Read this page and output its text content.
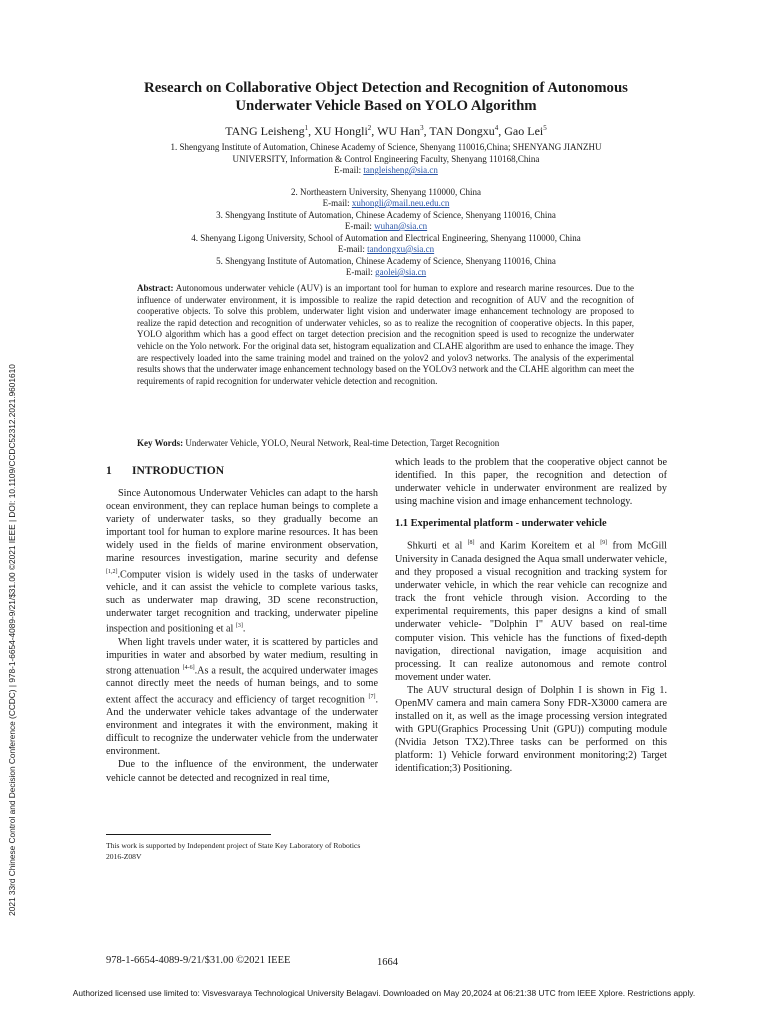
2021 33rd Chinese Control and Decision Conference (CCDC) | 978-1-6654-4089-9/21/$31.00 ©2021 IEEE | DOI: 10.1109/CCDC52312.2021.9601610
Research on Collaborative Object Detection and Recognition of Autonomous
Underwater Vehicle Based on YOLO Algorithm
TANG Leisheng$^1$, XU Hongli$^2$, WU Han$^3$, TAN Dongxu$^4$, Gao Lei$^5$
1. Shengyang Institute of Automation, Chinese Academy of Science, Shenyang 110016,China; SHENYANG JIANZHU
UNIVERSITY, Information & Control Engineering Faculty, Shenyang 110168,China
E-mail: tangleisheng@sia.cn
2. Northeastern University, Shenyang 110000, China
E-mail: xuhongli@mail.neu.edu.cn
3. Shengyang Institute of Automation, Chinese Academy of Science, Shenyang 110016, China
E-mail: wuhan@sia.cn
4. Shenyang Ligong University, School of Automation and Electrical Engineering, Shenyang 110000, China
E-mail: tandongxu@sia.cn
5. Shengyang Institute of Automation, Chinese Academy of Science, Shenyang 110016, China
E-mail: gaolei@sia.cn
Abstract: Autonomous underwater vehicle (AUV) is an important tool for human to explore and research marine resources. Due to the influence of underwater environment, it is impossible to realize the rapid detection and recognition of AUV and the recognition of cooperative objects. To solve this problem, underwater light vision and underwater image enhancement technology are proposed to realize the rapid detection and recognition of underwater vehicles, so as to realize the recognition of cooperative objects. In this paper, YOLO algorithm which has a good effect on target detection precision and the recognition speed is used to recognize the underwater vehicle on the Yolo network. For the original data set, histogram equalization and CLAHE algorithm are used to enhance the image. They are respectively loaded into the same training model and trained on the yolov2 and yolov3 networks. The analysis of the experimental results shows that the underwater image enhancement technology based on the YOLOv3 network and the CLAHE algorithm can meet the requirements of rapid recognition for underwater vehicle detection and recognition.
Key Words: Underwater Vehicle, YOLO, Neural Network, Real-time Detection, Target Recognition
1 INTRODUCTION

Since Autonomous Underwater Vehicles can adapt to the harsh ocean environment, they can replace human beings to complete a variety of underwater tasks, so they gradually become an important tool for human to explore marine resources. It has been widely used in the fields of marine environment observation, marine resources investigation, marine security and defense [1,2].Computer vision is widely used in the tasks of underwater vehicle, and it can assist the vehicle to complete various tasks, such as underwater map drawing, 3D scene reconstruction, underwater target recognition and tracking, underwater pipeline inspection and positioning et al [3].

When light travels under water, it is scattered by particles and impurities in water and absorbed by water medium, resulting in strong attenuation [4-6].As a result, the acquired underwater images cannot directly meet the needs of human beings, and to some extent affect the accuracy and efficiency of target recognition [7]. And the underwater vehicle takes advantage of the underwater environment and integrates it with the environment, making it difficult to recognize the underwater vehicle from the underwater environment.

Due to the influence of the environment, the underwater vehicle cannot be detected and recognized in real time,

which leads to the problem that the cooperative object cannot be identified. In this paper, the recognition and detection of underwater vehicle in underwater environment are realized by using machine vision and image enhancement technology.

1.1 Experimental platform - underwater vehicle

Shkurti et al [8] and Karim Koreitem et al [9] from McGill University in Canada designed the Aqua small underwater vehicle, and they proposed a visual recognition and tracking system for underwater vehicle, in which the rear vehicle can recognize and track the front vehicle through vision. According to the experimental requirements, this paper designs a kind of small underwater vehicle- "Dolphin I" AUV based on real-time computer vision. This vehicle has the functions of fixed-depth navigation, directional navigation, image acquisition and processing. It can realize autonomous and remote control movement under water.

The AUV structural design of Dolphin I is shown in Fig 1. OpenMV camera and main camera Sony FDR-X3000 camera are installed on it, as well as the image processing version integrated with GPU(Graphics Processing Unit (GPU)) computing module (Nvidia Jetson TX2).Three tasks can be performed on this platform: 1) Vehicle forward environment monitoring;2) Target identification;3) Positioning.

This work is supported by Independent project of State Key Laboratory of Robotics 2016-Z08V
978-1-6654-4089-9/21/$31.00 ©2021 IEEE	1664
Authorized licensed use limited to: Visvesvaraya Technological University Belagavi. Downloaded on May 20,2024 at 06:21:38 UTC from IEEE Xplore. Restrictions apply.
